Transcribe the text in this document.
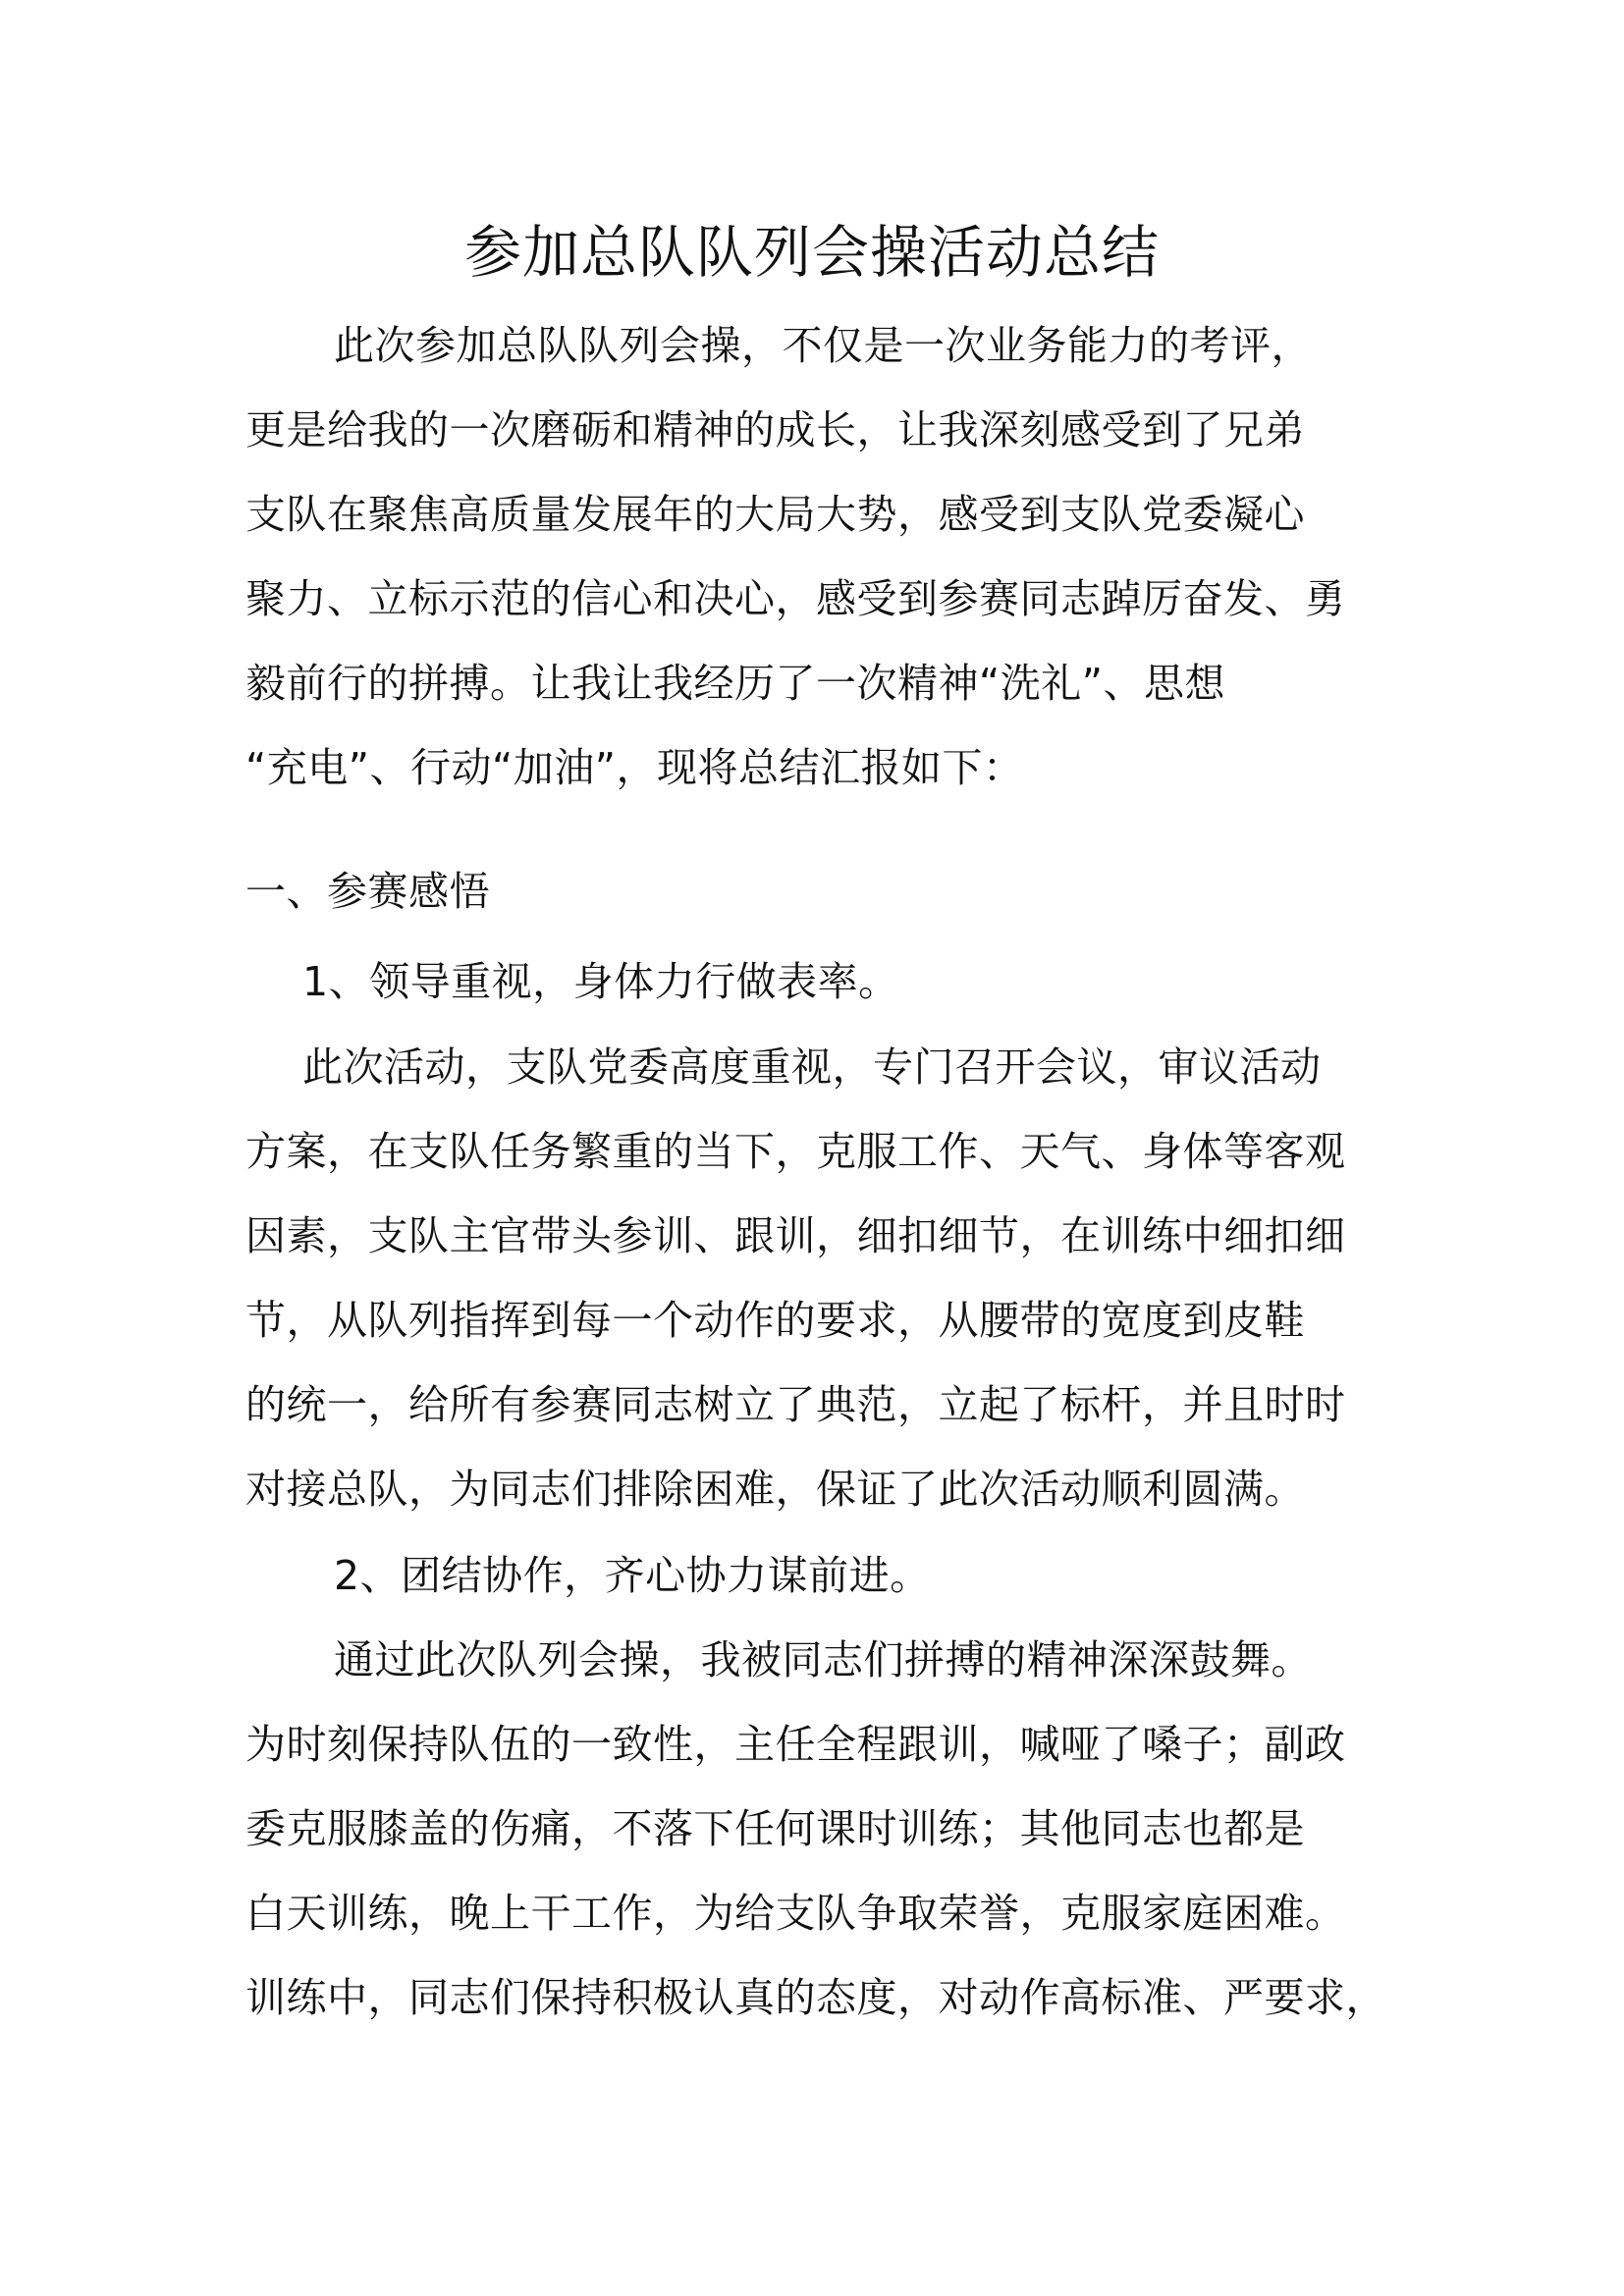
参加总队队列会操活动总结
此次参加总队队列会操，不仅是一次业务能力的考评，
更是给我的一次磨砺和精神的成长，让我深刻感受到了兄弟
支队在聚焦高质量发展年的大局大势，感受到支队党委凝心
聚力、立标示范的信心和决心，感受到参赛同志踔厉奋发、勇
毅前行的拼搏。让我让我经历了一次精神“洗礼”、思想
“充电”、行动“加油”，现将总结汇报如下：
一、参赛感悟
1、领导重视，身体力行做表率。
此次活动，支队党委高度重视，专门召开会议，审议活动
方案，在支队任务繁重的当下，克服工作、天气、身体等客观
因素，支队主官带头参训、跟训，细扣细节，在训练中细扣细
节，从队列指挥到每一个动作的要求，从腰带的宽度到皮鞋
的统一，给所有参赛同志树立了典范，立起了标杆，并且时时
对接总队，为同志们排除困难，保证了此次活动顺利圆满。
2、团结协作，齐心协力谋前进。
通过此次队列会操，我被同志们拼搏的精神深深鼓舞。
为时刻保持队伍的一致性，主任全程跟训，喊哑了嗓子；副政
委克服膝盖的伤痛，不落下任何课时训练；其他同志也都是
白天训练，晚上干工作，为给支队争取荣誉，克服家庭困难。
训练中，同志们保持积极认真的态度，对动作高标准、严要求，
